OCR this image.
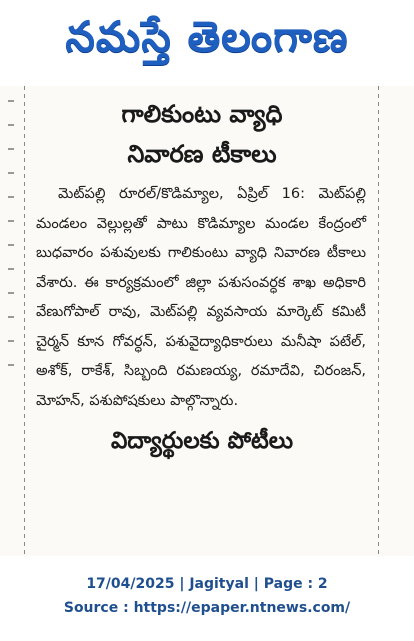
నమస్తే తెలంగాణ
గాలికుంటు వ్యాధి
నివారణ టీకాలు
మెట్‌పల్లి రూరల్/కొడిమ్యాల, ఏప్రిల్ 16: మెట్‌పల్లి మండలం వెల్లుల్లతో పాటు కొడిమ్యాల మండల కేంద్రంలో బుధవారం పశువులకు గాలికుంటు వ్యాధి నివారణ టీకాలు వేశారు. ఈ కార్యక్రమంలో జిల్లా పశుసంవర్ధక శాఖ అధికారి వేణుగోపాల్ రావు, మెట్‌పల్లి వ్యవసాయ మార్కెట్ కమిటీ చైర్మన్ కూన గోవర్ధన్, పశువైద్యాధికారులు మనీషా పటేల్, అశోక్, రాకేశ్, సిబ్బంది రమణయ్య, రమాదేవి, చిరంజన్, మోహన్, పశుపోషకులు పాల్గొన్నారు.
విద్యార్థులకు పోటీలు
17/04/2025 | Jagityal | Page : 2
Source : https://epaper.ntnews.com/
